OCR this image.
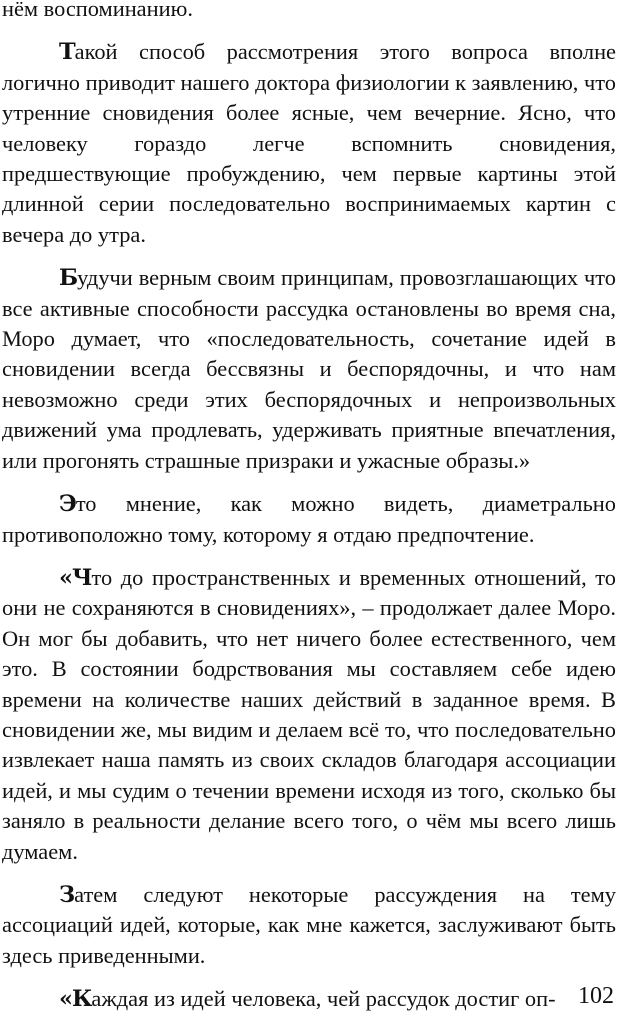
нём воспоминанию.

Такой способ рассмотрения этого вопроса вполне логично приводит нашего доктора физиологии к заявлению, что утренние сновидения более ясные, чем вечерние. Ясно, что человеку гораздо легче вспомнить сновидения, предшествующие пробуждению, чем первые картины этой длинной серии последовательно воспринимаемых картин с вечера до утра.

Будучи верным своим принципам, провозглашающих что все активные способности рассудка остановлены во время сна, Моро думает, что «последовательность, сочетание идей в сновидении всегда бессвязны и беспорядочны, и что нам невозможно среди этих беспорядочных и непроизвольных движений ума продлевать, удерживать приятные впечатления, или прогонять страшные призраки и ужасные образы.»

Это мнение, как можно видеть, диаметрально противоположно тому, которому я отдаю предпочтение.

«Что до пространственных и временных отношений, то они не сохраняются в сновидениях», – продолжает далее Моро. Он мог бы добавить, что нет ничего более естественного, чем это. В состоянии бодрствования мы составляем себе идею времени на количестве наших действий в заданное время. В сновидении же, мы видим и делаем всё то, что последовательно извлекает наша память из своих складов благодаря ассоциации идей, и мы судим о течении времени исходя из того, сколько бы заняло в реальности делание всего того, о чём мы всего лишь думаем.

Затем следуют некоторые рассуждения на тему ассоциаций идей, которые, как мне кажется, заслуживают быть здесь приведенными.

«Каждая из идей человека, чей рассудок достиг оп- 102
